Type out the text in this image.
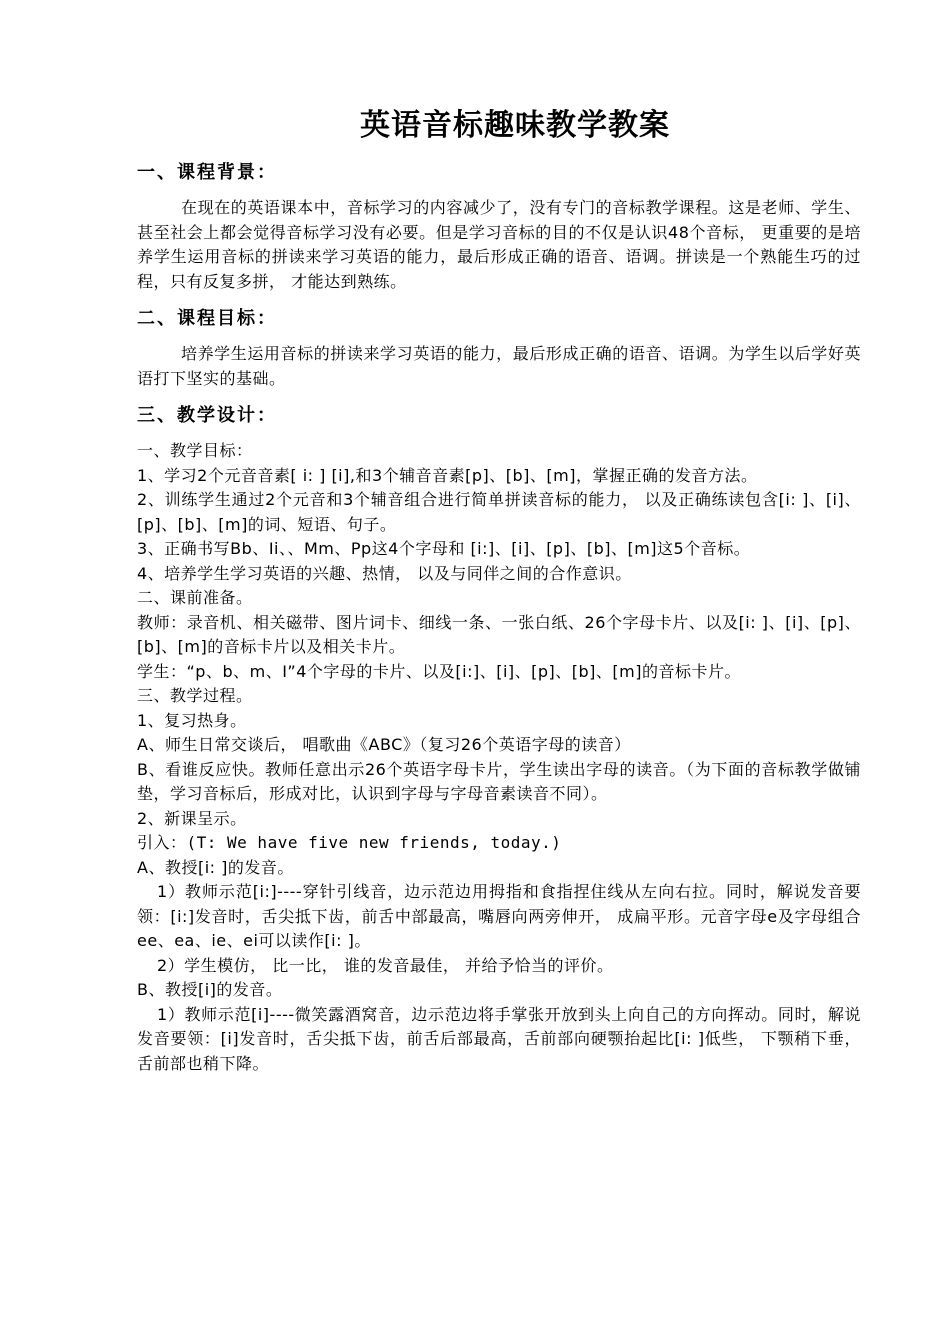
英语音标趣味教学教案
一、课程背景：

在现在的英语课本中，音标学习的内容减少了，没有专门的音标教学课程。这是老师、学生、甚至社会上都会觉得音标学习没有必要。但是学习音标的目的不仅是认识48个音标， 更重要的是培养学生运用音标的拼读来学习英语的能力，最后形成正确的语音、语调。拼读是一个熟能生巧的过程，只有反复多拼， 才能达到熟练。

二、课程目标：

培养学生运用音标的拼读来学习英语的能力，最后形成正确的语音、语调。为学生以后学好英语打下坚实的基础。

三、教学设计：

一、教学目标：

1、学习2个元音音素[ i: ] [i],和3个辅音音素[p]、[b]、[m]，掌握正确的发音方法。

2、训练学生通过2个元音和3个辅音组合进行简单拼读音标的能力， 以及正确练读包含[i: ]、[i]、[p]、[b]、[m]的词、短语、句子。

3、正确书写Bb、Ii、、Mm、Pp这4个字母和 [i:]、[i]、[p]、[b]、[m]这5个音标。

4、培养学生学习英语的兴趣、热情， 以及与同伴之间的合作意识。

二、课前准备。

教师：录音机、相关磁带、图片词卡、细线一条、一张白纸、26个字母卡片、以及[i: ]、[i]、[p]、[b]、[m]的音标卡片以及相关卡片。

学生：“p、b、m、I”4个字母的卡片、以及[i:]、[i]、[p]、[b]、[m]的音标卡片。

三、教学过程。

1、复习热身。

A、师生日常交谈后， 唱歌曲《ABC》（复习26个英语字母的读音）

B、看谁反应快。教师任意出示26个英语字母卡片，学生读出字母的读音。（为下面的音标教学做铺垫，学习音标后，形成对比，认识到字母与字母音素读音不同）。

2、新课呈示。

引入：(T: We have five new friends, today.)

A、教授[i: ]的发音。

1）教师示范[i:]----穿针引线音，边示范边用拇指和食指捏住线从左向右拉。同时，解说发音要领：[i:]发音时，舌尖抵下齿，前舌中部最高，嘴唇向两旁伸开， 成扁平形。元音字母e及字母组合ee、ea、ie、ei可以读作[i: ]。

2）学生模仿， 比一比， 谁的发音最佳， 并给予恰当的评价。

B、教授[i]的发音。

1）教师示范[i]----微笑露酒窝音，边示范边将手掌张开放到头上向自己的方向挥动。同时，解说发音要领：[i]发音时，舌尖抵下齿，前舌后部最高，舌前部向硬颚抬起比[i: ]低些， 下颚稍下垂， 舌前部也稍下降。
